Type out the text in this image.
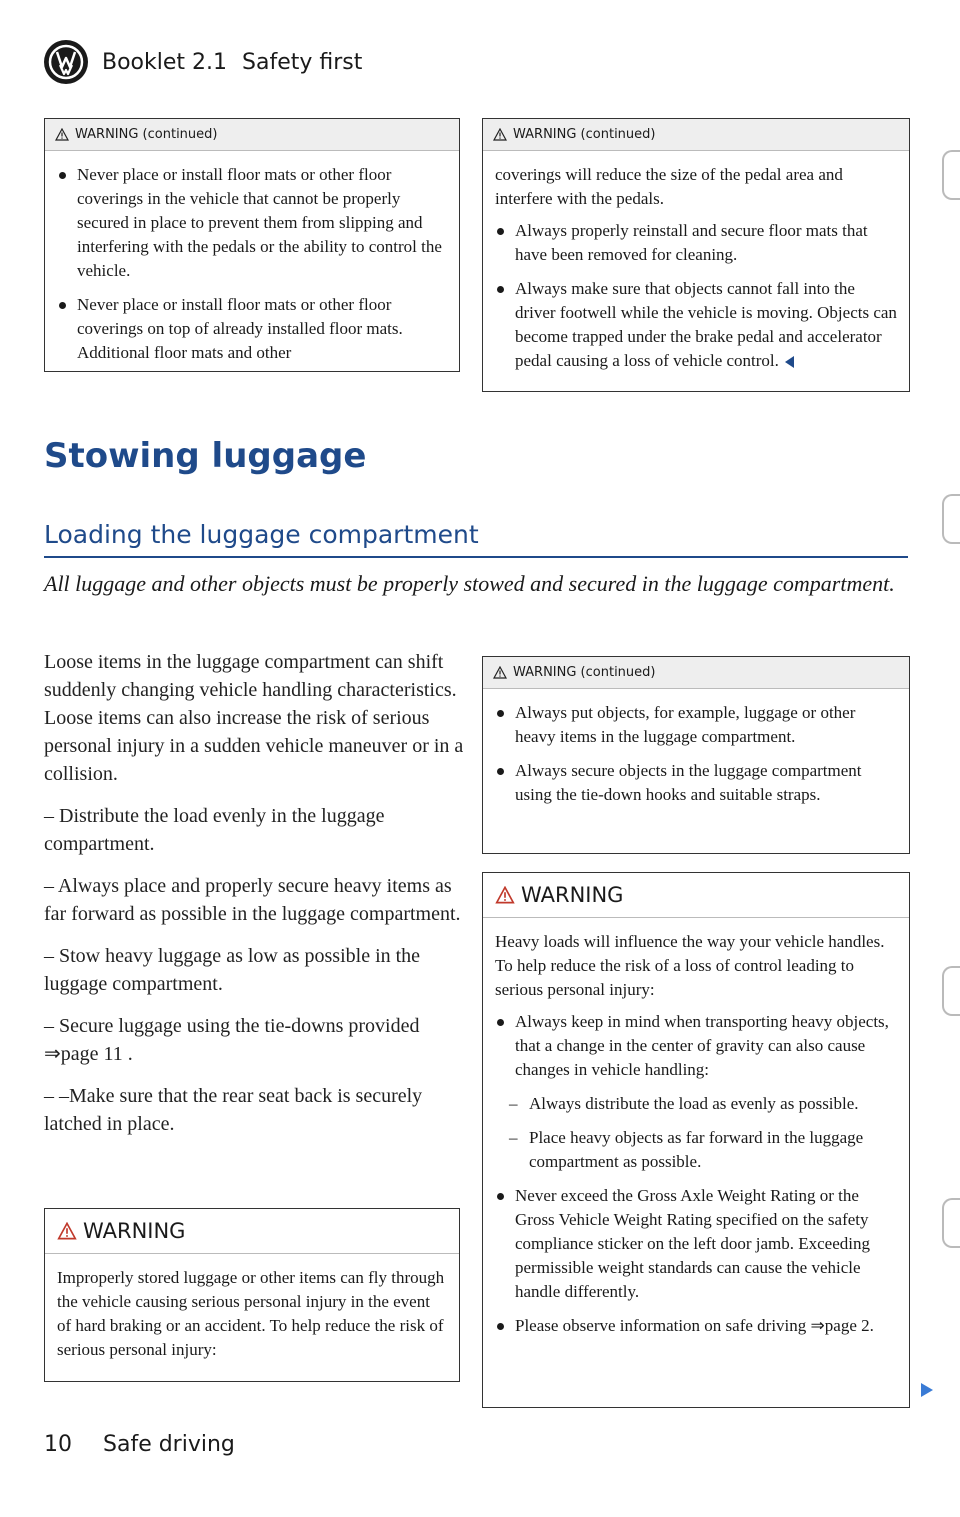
Booklet 2.1 Safety first
WARNING (continued)
Never place or install floor mats or other floor coverings in the vehicle that cannot be properly secured in place to prevent them from slipping and interfering with the pedals or the ability to control the vehicle.
Never place or install floor mats or other floor coverings on top of already installed floor mats. Additional floor mats and other
WARNING (continued)

coverings will reduce the size of the pedal area and interfere with the pedals.

Always properly reinstall and secure floor mats that have been removed for cleaning.
Always make sure that objects cannot fall into the driver footwell while the vehicle is moving. Objects can become trapped under the brake pedal and accelerator pedal causing a loss of vehicle control.
Stowing luggage
Loading the luggage compartment
All luggage and other objects must be properly stowed and secured in the luggage compartment.

Loose items in the luggage compartment can shift suddenly changing vehicle handling characteristics. Loose items can also increase the risk of serious personal injury in a sudden vehicle maneuver or in a collision.

– Distribute the load evenly in the luggage compartment.

– Always place and properly secure heavy items as far forward as possible in the luggage compartment.

– Stow heavy luggage as low as possible in the luggage compartment.

– Secure luggage using the tie-downs provided ⇒page 11 .

– –Make sure that the rear seat back is securely latched in place.

WARNING

Improperly stored luggage or other items can fly through the vehicle causing serious personal injury in the event of hard braking or an accident. To help reduce the risk of serious personal injury:

WARNING (continued)
Always put objects, for example, luggage or other heavy items in the luggage compartment.
Always secure objects in the luggage compartment using the tie-down hooks and suitable straps.
WARNING

Heavy loads will influence the way your vehicle handles. To help reduce the risk of a loss of control leading to serious personal injury:

Always keep in mind when transporting heavy objects, that a change in the center of gravity can also cause changes in vehicle handling:
– Always distribute the load as evenly as possible.
– Place heavy objects as far forward in the luggage compartment as possible.
Never exceed the Gross Axle Weight Rating or the Gross Vehicle Weight Rating specified on the safety compliance sticker on the left door jamb. Exceeding permissible weight standards can cause the vehicle handle differently.
Please observe information on safe driving ⇒page 2.
10 Safe driving
